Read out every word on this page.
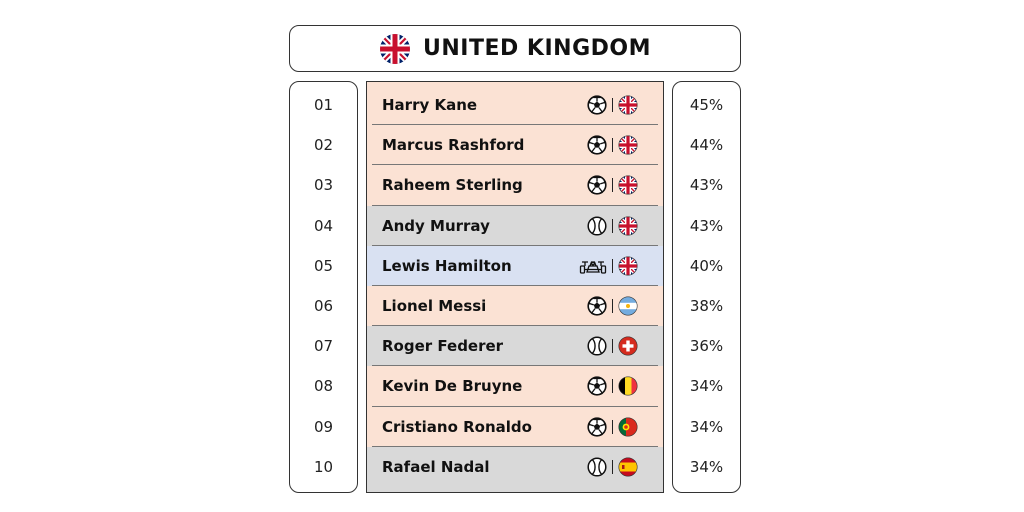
UNITED KINGDOM
01
02
03
04
05
06
07
08
09
10
Harry Kane
Marcus Rashford
Raheem Sterling
Andy Murray
Lewis Hamilton
Lionel Messi
Roger Federer
Kevin De Bruyne
Cristiano Ronaldo
Rafael Nadal
45%
44%
43%
43%
40%
38%
36%
34%
34%
34%
